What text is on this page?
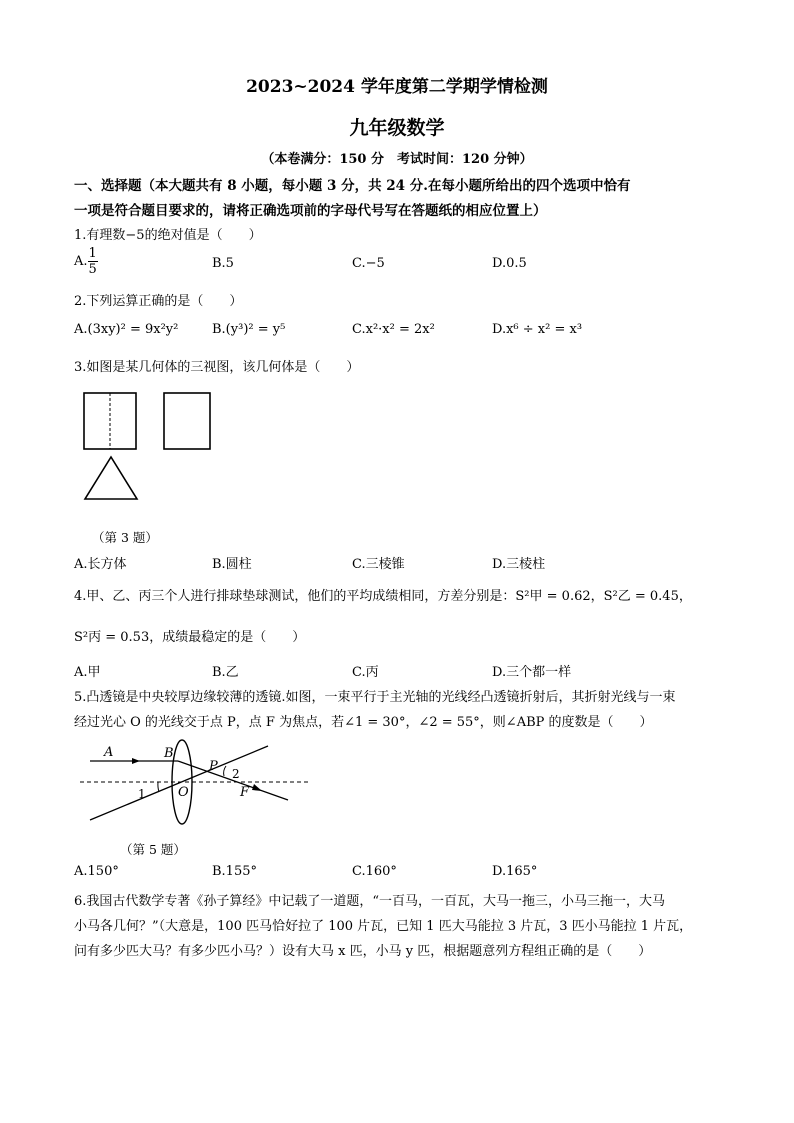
2023~2024 学年度第二学期学情检测
九年级数学
（本卷满分：150 分　考试时间：120 分钟）
一、选择题（本大题共有 8 小题，每小题 3 分，共 24 分.在每小题所给出的四个选项中恰有
一项是符合题目要求的，请将正确选项前的字母代号写在答题纸的相应位置上）
1.有理数−5的绝对值是（　　）
A. $\frac{1}{5}$	B.5	C.−5	D.0.5
2.下列运算正确的是（　　）
A.(3xy)² = 9x²y²	B.(y³)² = y⁵	C.x²·x² = 2x²	D.x⁶ ÷ x² = x³
3.如图是某几何体的三视图，该几何体是（　　）
（第 3 题）
A.长方体	B.圆柱	C.三棱锥	D.三棱柱
4.甲、乙、丙三个人进行排球垫球测试，他们的平均成绩相同，方差分别是：S²甲 = 0.62，S²乙 = 0.45，
S²丙 = 0.53，成绩最稳定的是（　　）
A.甲	B.乙	C.丙	D.三个都一样
5.凸透镜是中央较厚边缘较薄的透镜.如图，一束平行于主光轴的光线经凸透镜折射后，其折射光线与一束
经过光心 O 的光线交于点 P，点 F 为焦点，若∠1 = 30°，∠2 = 55°，则∠ABP 的度数是（　　）
A	B
P 2
1 O	F
（第 5 题）
A.150°	B.155°	C.160°	D.165°
6.我国古代数学专著《孙子算经》中记载了一道题，“一百马，一百瓦，大马一拖三，小马三拖一，大马
小马各几何？”（大意是，100 匹马恰好拉了 100 片瓦，已知 1 匹大马能拉 3 片瓦，3 匹小马能拉 1 片瓦，
问有多少匹大马？有多少匹小马？）设有大马 x 匹，小马 y 匹，根据题意列方程组正确的是（　　）
